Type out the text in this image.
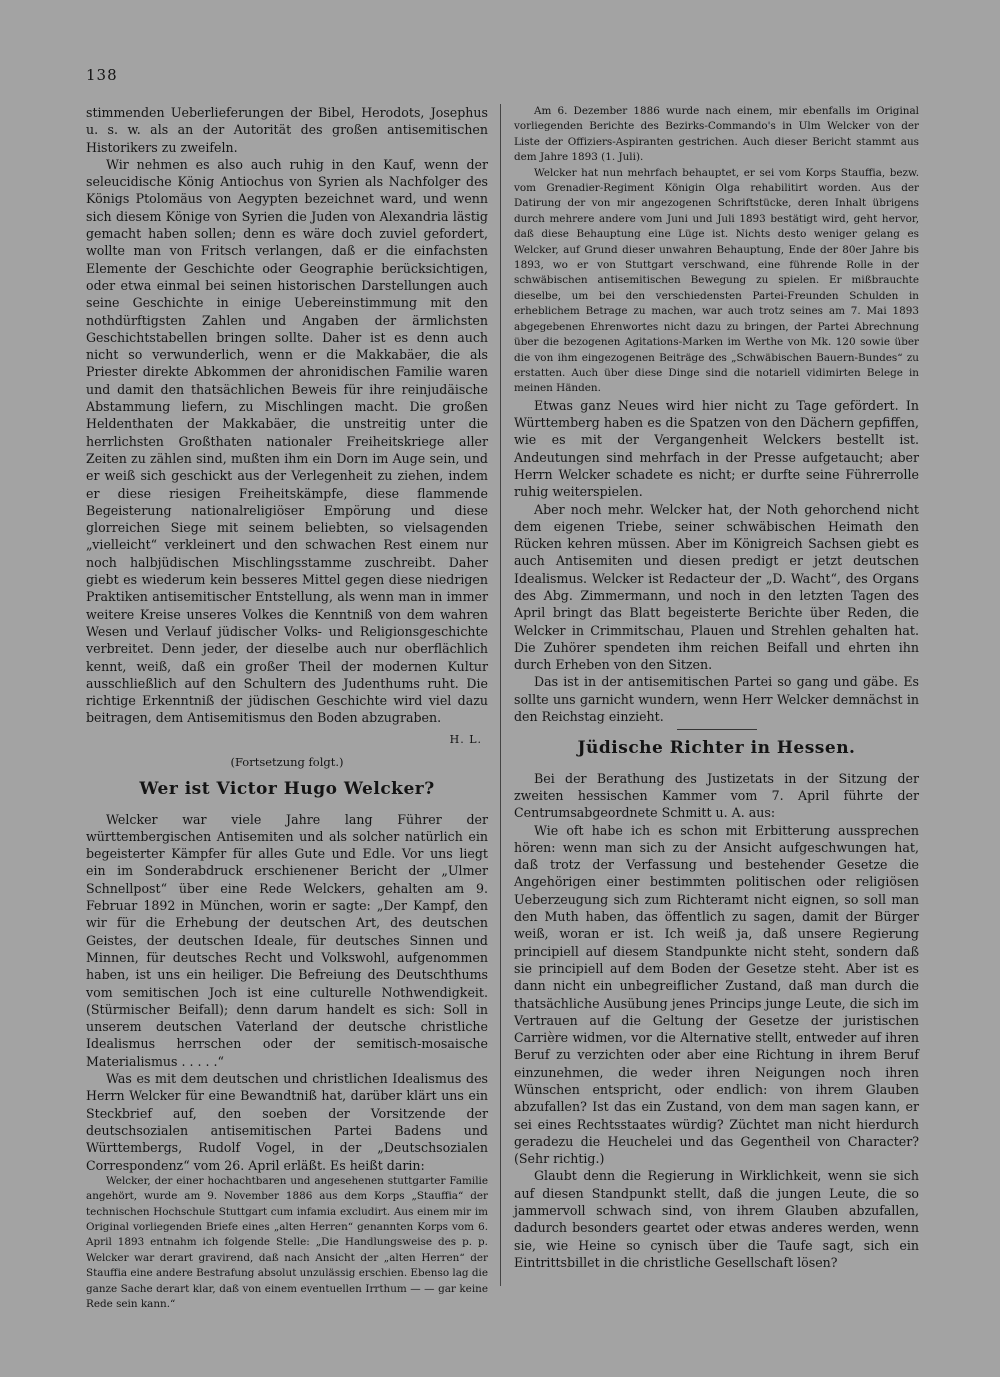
138

stimmenden Ueberlieferungen der Bibel, Herodots, Josephus u. s. w. als an der Autorität des großen antisemitischen Historikers zu zweifeln.

Wir nehmen es also auch ruhig in den Kauf, wenn der seleucidische König Antiochus von Syrien als Nachfolger des Königs Ptolomäus von Aegypten bezeichnet ward, und wenn sich diesem Könige von Syrien die Juden von Alexandria lästig gemacht haben sollen; denn es wäre doch zuviel gefordert, wollte man von Fritsch verlangen, daß er die einfachsten Elemente der Geschichte oder Geographie berücksichtigen, oder etwa einmal bei seinen historischen Darstellungen auch seine Geschichte in einige Uebereinstimmung mit den nothdürftigsten Zahlen und Angaben der ärmlichsten Geschichtstabellen bringen sollte. Daher ist es denn auch nicht so verwunderlich, wenn er die Makkabäer, die als Priester direkte Abkommen der ahronidischen Familie waren und damit den thatsächlichen Beweis für ihre reinjudäische Abstammung liefern, zu Mischlingen macht. Die großen Heldenthaten der Makkabäer, die unstreitig unter die herrlichsten Großthaten nationaler Freiheitskriege aller Zeiten zu zählen sind, mußten ihm ein Dorn im Auge sein, und er weiß sich geschickt aus der Verlegenheit zu ziehen, indem er diese riesigen Freiheitskämpfe, diese flammende Begeisterung nationalreligiöser Empörung und diese glorreichen Siege mit seinem beliebten, so vielsagenden „vielleicht“ verkleinert und den schwachen Rest einem nur noch halbjüdischen Mischlingsstamme zuschreibt. Daher giebt es wiederum kein besseres Mittel gegen diese niedrigen Praktiken antisemitischer Entstellung, als wenn man in immer weitere Kreise unseres Volkes die Kenntniß von dem wahren Wesen und Verlauf jüdischer Volks- und Religionsgeschichte verbreitet. Denn jeder, der dieselbe auch nur oberflächlich kennt, weiß, daß ein großer Theil der modernen Kultur ausschließlich auf den Schultern des Judenthums ruht. Die richtige Erkenntniß der jüdischen Geschichte wird viel dazu beitragen, dem Antisemitismus den Boden abzugraben.

H. L.
(Fortsetzung folgt.)
Wer ist Victor Hugo Welcker?

Welcker war viele Jahre lang Führer der württembergischen Antisemiten und als solcher natürlich ein begeisterter Kämpfer für alles Gute und Edle. Vor uns liegt ein im Sonderabdruck erschienener Bericht der „Ulmer Schnellpost“ über eine Rede Welckers, gehalten am 9. Februar 1892 in München, worin er sagte: „Der Kampf, den wir für die Erhebung der deutschen Art, des deutschen Geistes, der deutschen Ideale, für deutsches Sinnen und Minnen, für deutsches Recht und Volkswohl, aufgenommen haben, ist uns ein heiliger. Die Befreiung des Deutschthums vom semitischen Joch ist eine culturelle Nothwendigkeit. (Stürmischer Beifall); denn darum handelt es sich: Soll in unserem deutschen Vaterland der deutsche christliche Idealismus herrschen oder der semitisch-mosaische Materialismus . . . . .“

Was es mit dem deutschen und christlichen Idealismus des Herrn Welcker für eine Bewandtniß hat, darüber klärt uns ein Steckbrief auf, den soeben der Vorsitzende der deutschsozialen antisemitischen Partei Badens und Württembergs, Rudolf Vogel, in der „Deutschsozialen Correspondenz“ vom 26. April erläßt. Es heißt darin:

Welcker, der einer hochachtbaren und angesehenen stuttgarter Familie angehört, wurde am 9. November 1886 aus dem Korps „Stauffia“ der technischen Hochschule Stuttgart cum infamia excludirt. Aus einem mir im Original vorliegenden Briefe eines „alten Herren“ genannten Korps vom 6. April 1893 entnahm ich folgende Stelle: „Die Handlungsweise des p. p. Welcker war derart gravirend, daß nach Ansicht der „alten Herren“ der Stauffia eine andere Bestrafung absolut unzulässig erschien. Ebenso lag die ganze Sache derart klar, daß von einem eventuellen Irrthum — — gar keine Rede sein kann.“

Am 6. Dezember 1886 wurde nach einem, mir ebenfalls im Original vorliegenden Berichte des Bezirks-Commando's in Ulm Welcker von der Liste der Offiziers-Aspiranten gestrichen. Auch dieser Bericht stammt aus dem Jahre 1893 (1. Juli).

Welcker hat nun mehrfach behauptet, er sei vom Korps Stauffia, bezw. vom Grenadier-Regiment Königin Olga rehabilitirt worden. Aus der Datirung der von mir angezogenen Schriftstücke, deren Inhalt übrigens durch mehrere andere vom Juni und Juli 1893 bestätigt wird, geht hervor, daß diese Behauptung eine Lüge ist. Nichts desto weniger gelang es Welcker, auf Grund dieser unwahren Behauptung, Ende der 80er Jahre bis 1893, wo er von Stuttgart verschwand, eine führende Rolle in der schwäbischen antisemitischen Bewegung zu spielen. Er mißbrauchte dieselbe, um bei den verschiedensten Partei-Freunden Schulden in erheblichem Betrage zu machen, war auch trotz seines am 7. Mai 1893 abgegebenen Ehrenwortes nicht dazu zu bringen, der Partei Abrechnung über die bezogenen Agitations-Marken im Werthe von Mk. 120 sowie über die von ihm eingezogenen Beiträge des „Schwäbischen Bauern-Bundes“ zu erstatten. Auch über diese Dinge sind die notariell vidimirten Belege in meinen Händen.

Etwas ganz Neues wird hier nicht zu Tage gefördert. In Württemberg haben es die Spatzen von den Dächern gepfiffen, wie es mit der Vergangenheit Welckers bestellt ist. Andeutungen sind mehrfach in der Presse aufgetaucht; aber Herrn Welcker schadete es nicht; er durfte seine Führerrolle ruhig weiterspielen.

Aber noch mehr. Welcker hat, der Noth gehorchend nicht dem eigenen Triebe, seiner schwäbischen Heimath den Rücken kehren müssen. Aber im Königreich Sachsen giebt es auch Antisemiten und diesen predigt er jetzt deutschen Idealismus. Welcker ist Redacteur der „D. Wacht“, des Organs des Abg. Zimmermann, und noch in den letzten Tagen des April bringt das Blatt begeisterte Berichte über Reden, die Welcker in Crimmitschau, Plauen und Strehlen gehalten hat. Die Zuhörer spendeten ihm reichen Beifall und ehrten ihn durch Erheben von den Sitzen.

Das ist in der antisemitischen Partei so gang und gäbe. Es sollte uns garnicht wundern, wenn Herr Welcker demnächst in den Reichstag einzieht.

Jüdische Richter in Hessen.

Bei der Berathung des Justizetats in der Sitzung der zweiten hessischen Kammer vom 7. April führte der Centrumsabgeordnete Schmitt u. A. aus:

Wie oft habe ich es schon mit Erbitterung aussprechen hören: wenn man sich zu der Ansicht aufgeschwungen hat, daß trotz der Verfassung und bestehender Gesetze die Angehörigen einer bestimmten politischen oder religiösen Ueberzeugung sich zum Richteramt nicht eignen, so soll man den Muth haben, das öffentlich zu sagen, damit der Bürger weiß, woran er ist. Ich weiß ja, daß unsere Regierung principiell auf diesem Standpunkte nicht steht, sondern daß sie principiell auf dem Boden der Gesetze steht. Aber ist es dann nicht ein unbegreiflicher Zustand, daß man durch die thatsächliche Ausübung jenes Princips junge Leute, die sich im Vertrauen auf die Geltung der Gesetze der juristischen Carrière widmen, vor die Alternative stellt, entweder auf ihren Beruf zu verzichten oder aber eine Richtung in ihrem Beruf einzunehmen, die weder ihren Neigungen noch ihren Wünschen entspricht, oder endlich: von ihrem Glauben abzufallen? Ist das ein Zustand, von dem man sagen kann, er sei eines Rechtsstaates würdig? Züchtet man nicht hierdurch geradezu die Heuchelei und das Gegentheil von Character? (Sehr richtig.)

Glaubt denn die Regierung in Wirklichkeit, wenn sie sich auf diesen Standpunkt stellt, daß die jungen Leute, die so jammervoll schwach sind, von ihrem Glauben abzufallen, dadurch besonders geartet oder etwas anderes werden, wenn sie, wie Heine so cynisch über die Taufe sagt, sich ein Eintrittsbillet in die christliche Gesellschaft lösen?
